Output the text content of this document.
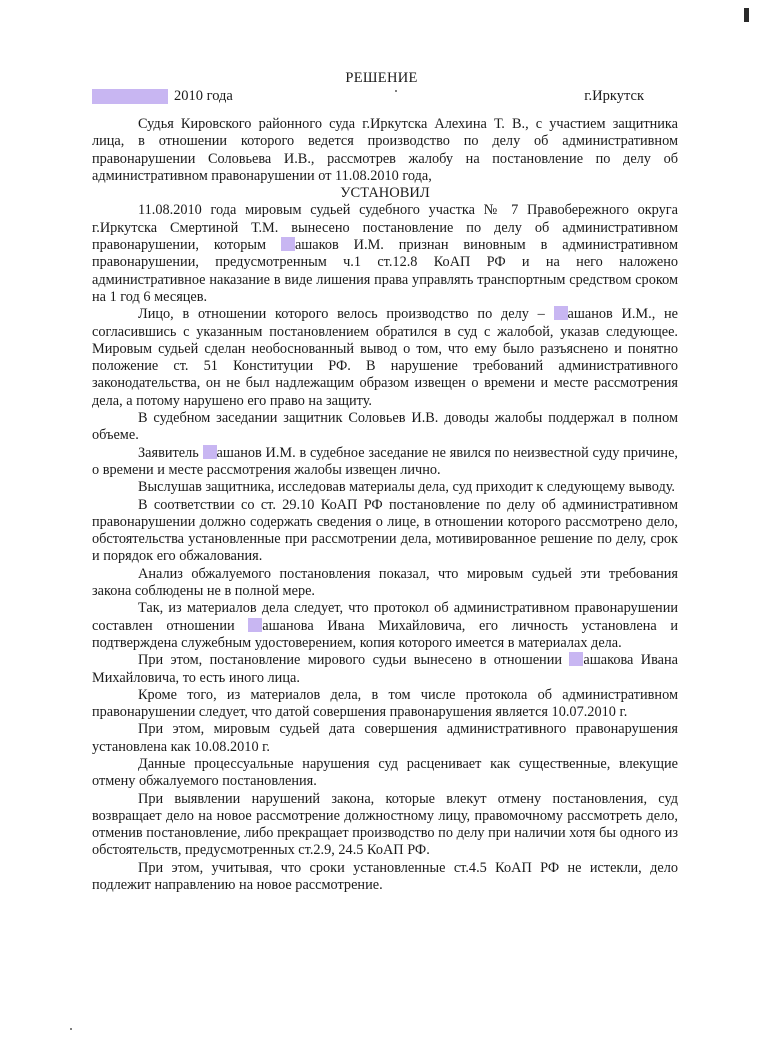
РЕШЕНИЕ
2010 года	г.Иркутск

Судья Кировского районного суда г.Иркутска Алехина Т. В., с участием защитника лица, в отношении которого ведется производство по делу об административном правонарушении Соловьева И.В., рассмотрев жалобу на постановление по делу об административном правонарушении от 11.08.2010 года,

УСТАНОВИЛ

11.08.2010 года мировым судьей судебного участка № 7 Правобережного округа г.Иркутска Смертиной Т.М. вынесено постановление по делу об административном правонарушении, которым ашаков И.М. признан виновным в административном правонарушении, предусмотренным ч.1 ст.12.8 КоАП РФ и на него наложено административное наказание в виде лишения права управлять транспортным средством сроком на 1 год 6 месяцев.

Лицо, в отношении которого велось производство по делу – ашанов И.М., не согласившись с указанным постановлением обратился в суд с жалобой, указав следующее. Мировым судьей сделан необоснованный вывод о том, что ему было разъяснено и понятно положение ст. 51 Конституции РФ. В нарушение требований административного законодательства, он не был надлежащим образом извещен о времени и месте рассмотрения дела, а потому нарушено его право на защиту.

В судебном заседании защитник Соловьев И.В. доводы жалобы поддержал в полном объеме.

Заявитель ашанов И.М. в судебное заседание не явился по неизвестной суду причине, о времени и месте рассмотрения жалобы извещен лично.

Выслушав защитника, исследовав материалы дела, суд приходит к следующему выводу.

В соответствии со ст. 29.10 КоАП РФ постановление по делу об административном правонарушении должно содержать сведения о лице, в отношении которого рассмотрено дело, обстоятельства установленные при рассмотрении дела, мотивированное решение по делу, срок и порядок его обжалования.

Анализ обжалуемого постановления показал, что мировым судьей эти требования закона соблюдены не в полной мере.

Так, из материалов дела следует, что протокол об административном правонарушении составлен отношении ашанова Ивана Михайловича, его личность установлена и подтверждена служебным удостоверением, копия которого имеется в материалах дела.

При этом, постановление мирового судьи вынесено в отношении ашакова Ивана Михайловича, то есть иного лица.

Кроме того, из материалов дела, в том числе протокола об административном правонарушении следует, что датой совершения правонарушения является 10.07.2010 г.

При этом, мировым судьей дата совершения административного правонарушения установлена как 10.08.2010 г.

Данные процессуальные нарушения суд расценивает как существенные, влекущие отмену обжалуемого постановления.

При выявлении нарушений закона, которые влекут отмену постановления, суд возвращает дело на новое рассмотрение должностному лицу, правомочному рассмотреть дело, отменив постановление, либо прекращает производство по делу при наличии хотя бы одного из обстоятельств, предусмотренных ст.2.9, 24.5 КоАП РФ.

При этом, учитывая, что сроки установленные ст.4.5 КоАП РФ не истекли, дело подлежит направлению на новое рассмотрение.
